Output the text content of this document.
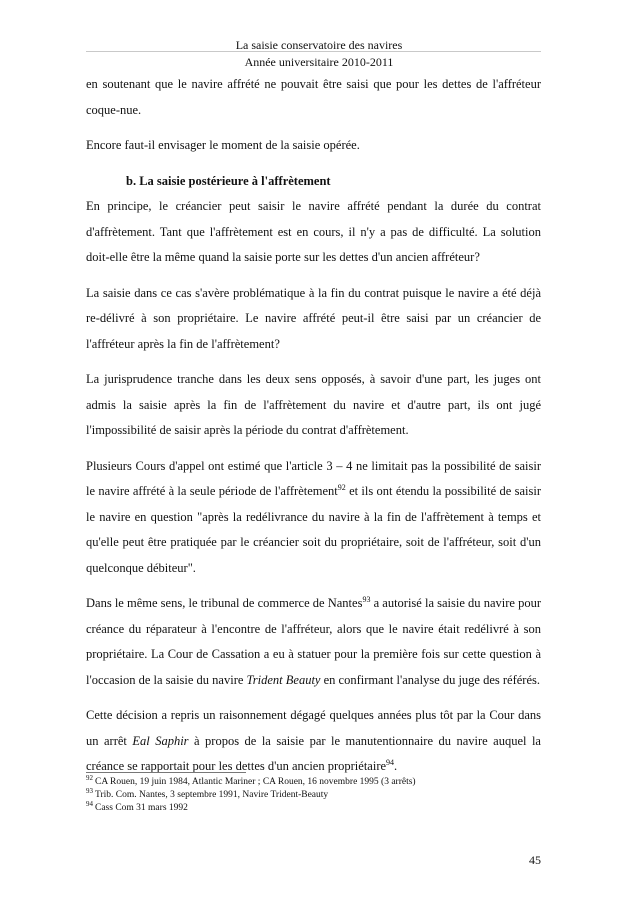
La saisie conservatoire des navires
Année universitaire 2010-2011

en soutenant que le navire affrété ne pouvait être saisi que pour les dettes de l'affréteur coque-nue.

Encore faut-il envisager le moment de la saisie opérée.

b. La saisie postérieure à l'affrètement

En principe, le créancier peut saisir le navire affrété pendant la durée du contrat d'affrètement. Tant que l'affrètement est en cours, il n'y a pas de difficulté. La solution doit-elle être la même quand la saisie porte sur les dettes d'un ancien affréteur?

La saisie dans ce cas s'avère problématique à la fin du contrat puisque le navire a été déjà re-délivré à son propriétaire. Le navire affrété peut-il être saisi par un créancier de l'affréteur après la fin de l'affrètement?

La jurisprudence tranche dans les deux sens opposés, à savoir d'une part, les juges ont admis la saisie après la fin de l'affrètement du navire et d'autre part, ils ont jugé l'impossibilité de saisir après la période du contrat d'affrètement.

Plusieurs Cours d'appel ont estimé que l'article 3 – 4 ne limitait pas la possibilité de saisir le navire affrété à la seule période de l'affrètement$^{92}$ et ils ont étendu la possibilité de saisir le navire en question "après la redélivrance du navire à la fin de l'affrètement à temps et qu'elle peut être pratiquée par le créancier soit du propriétaire, soit de l'affréteur, soit d'un quelconque débiteur".

Dans le même sens, le tribunal de commerce de Nantes$^{93}$ a autorisé la saisie du navire pour créance du réparateur à l'encontre de l'affréteur, alors que le navire était redélivré à son propriétaire. La Cour de Cassation a eu à statuer pour la première fois sur cette question à l'occasion de la saisie du navire Trident Beauty en confirmant l'analyse du juge des référés.

Cette décision a repris un raisonnement dégagé quelques années plus tôt par la Cour dans un arrêt Eal Saphir à propos de la saisie par le manutentionnaire du navire auquel la créance se rapportait pour les dettes d'un ancien propriétaire$^{94}$.

$^{92}$ CA Rouen, 19 juin 1984, Atlantic Mariner ; CA Rouen, 16 novembre 1995 (3 arrêts)

$^{93}$ Trib. Com. Nantes, 3 septembre 1991, Navire Trident-Beauty

$^{94}$ Cass Com 31 mars 1992

45
